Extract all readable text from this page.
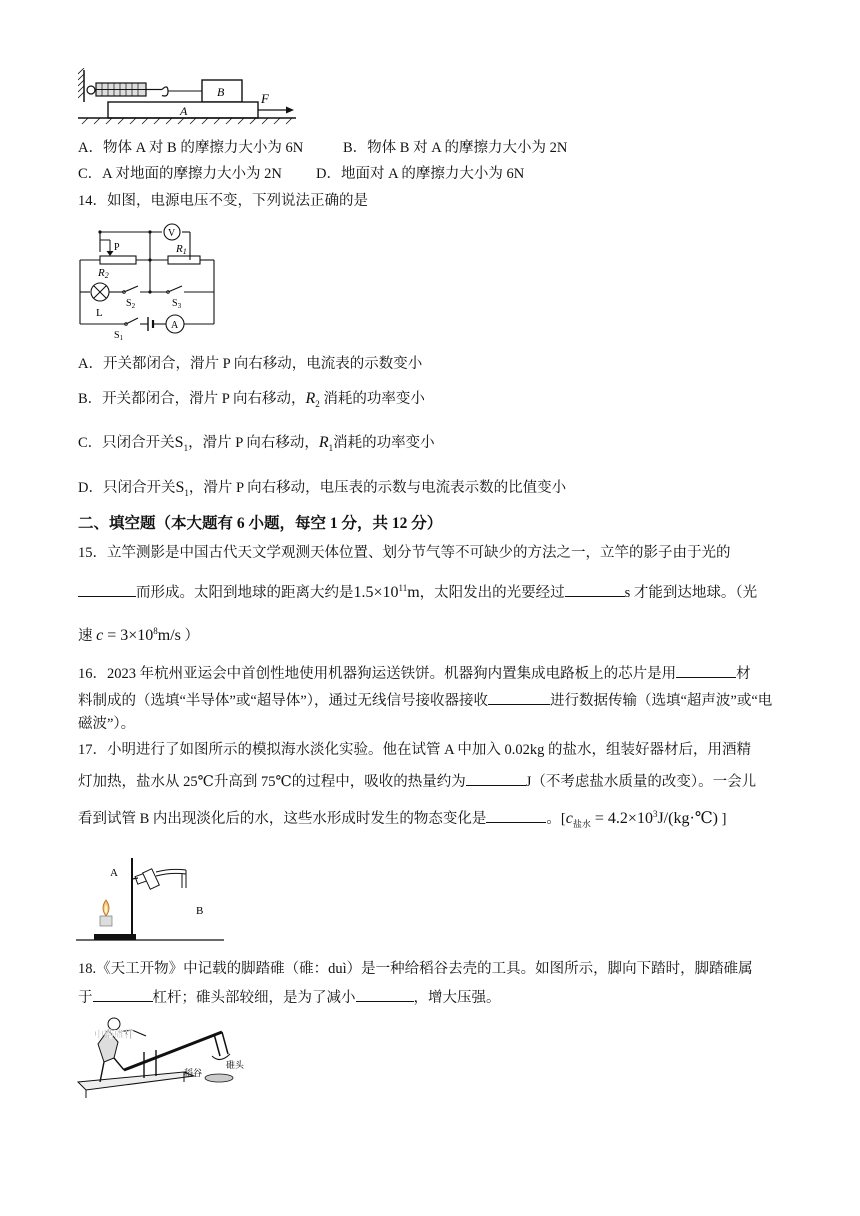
B
A
F
A．物体 A 对 B 的摩擦力大小为 6N	B．物体 B 对 A 的摩擦力大小为 2N
C．A 对地面的摩擦力大小为 2N D．地面对 A 的摩擦力大小为 6N
14．如图，电源电压不变，下列说法正确的是
V
P
R2
R1
L
$S_2$	$S_3$
$S_1$
A
A．开关都闭合，滑片 P 向右移动，电流表的示数变小
B．开关都闭合，滑片 P 向右移动，$R_2$ 消耗的功率变小
C．只闭合开关$S_1$，滑片 P 向右移动，$R_1$消耗的功率变小
D．只闭合开关$S_1$，滑片 P 向右移动，电压表的示数与电流表示数的比值变小
二、填空题（本大题有 6 小题，每空 1 分，共 12 分）
15．立竿测影是中国古代天文学观测天体位置、划分节气等不可缺少的方法之一，立竿的影子由于光的
而形成。太阳到地球的距离大约是$1.5\times 10^{11}m$，太阳发出的光要经过	s 才能到达地球。（光
速 $c = 3\times 10^8m/s$ ）
16．2023 年杭州亚运会中首创性地使用机器狗运送铁饼。机器狗内置集成电路板上的芯片是用	材
料制成的（选填“半导体”或“超导体”），通过无线信号接收器接收	进行数据传输（选填“超声波”或“电
磁波”）。
17．小明进行了如图所示的模拟海水淡化实验。他在试管 A 中加入 0.02kg 的盐水，组装好器材后，用酒精
灯加热，盐水从 25℃升高到 75℃的过程中，吸收的热量约为	J（不考虑盐水质量的改变）。一会儿
看到试管 B 内出现淡化后的水，这些水形成时发生的物态变化是	。[$c_{盐水}$ = $4.2\times 10^3J/(kg\cdot℃)$ ]
A
B
18.《天工开物》中记载的脚踏碓（碓：duì）是一种给稻谷去壳的工具。如图所示，脚向下踏时，脚踏碓属
于	杠杆；碓头部较细，是为了减小	，增大压强。
中踏碓杆
碓头
稻谷
